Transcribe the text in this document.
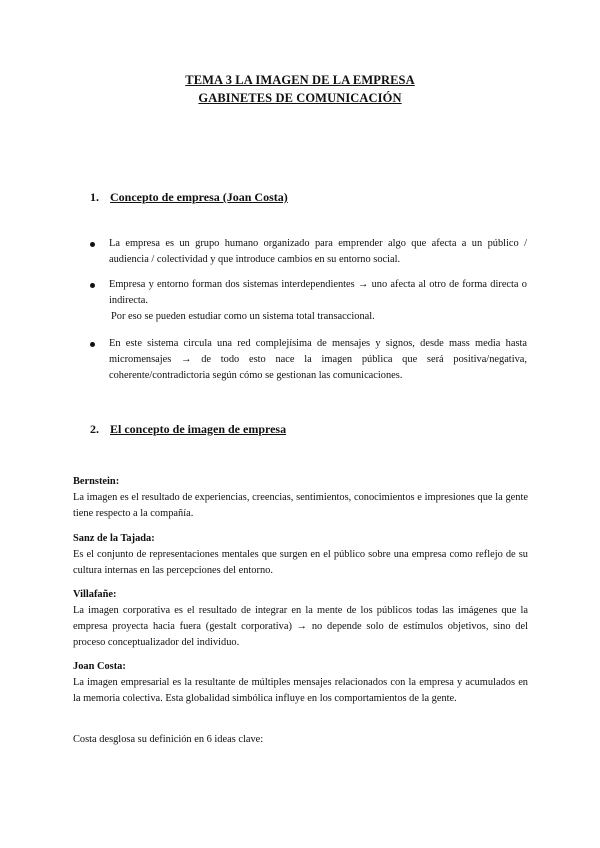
TEMA 3 LA IMAGEN DE LA EMPRESA
GABINETES DE COMUNICACIÓN
1. Concepto de empresa (Joan Costa)
La empresa es un grupo humano organizado para emprender algo que afecta a un público / audiencia / colectividad y que introduce cambios en su entorno social.
Empresa y entorno forman dos sistemas interdependientes → uno afecta al otro de forma directa o indirecta.
Por eso se pueden estudiar como un sistema total transaccional.
En este sistema circula una red complejísima de mensajes y signos, desde mass media hasta micromensajes → de todo esto nace la imagen pública que será positiva/negativa, coherente/contradictoria según cómo se gestionan las comunicaciones.
2. El concepto de imagen de empresa
Bernstein:
La imagen es el resultado de experiencias, creencias, sentimientos, conocimientos e impresiones que la gente tiene respecto a la compañía.
Sanz de la Tajada:
Es el conjunto de representaciones mentales que surgen en el público sobre una empresa como reflejo de su cultura internas en las percepciones del entorno.
Villafañe:
La imagen corporativa es el resultado de integrar en la mente de los públicos todas las imágenes que la empresa proyecta hacia fuera (gestalt corporativa) → no depende solo de estímulos objetivos, sino del proceso conceptualizador del individuo.
Joan Costa:
La imagen empresarial es la resultante de múltiples mensajes relacionados con la empresa y acumulados en la memoria colectiva. Esta globalidad simbólica influye en los comportamientos de la gente.
Costa desglosa su definición en 6 ideas clave:
